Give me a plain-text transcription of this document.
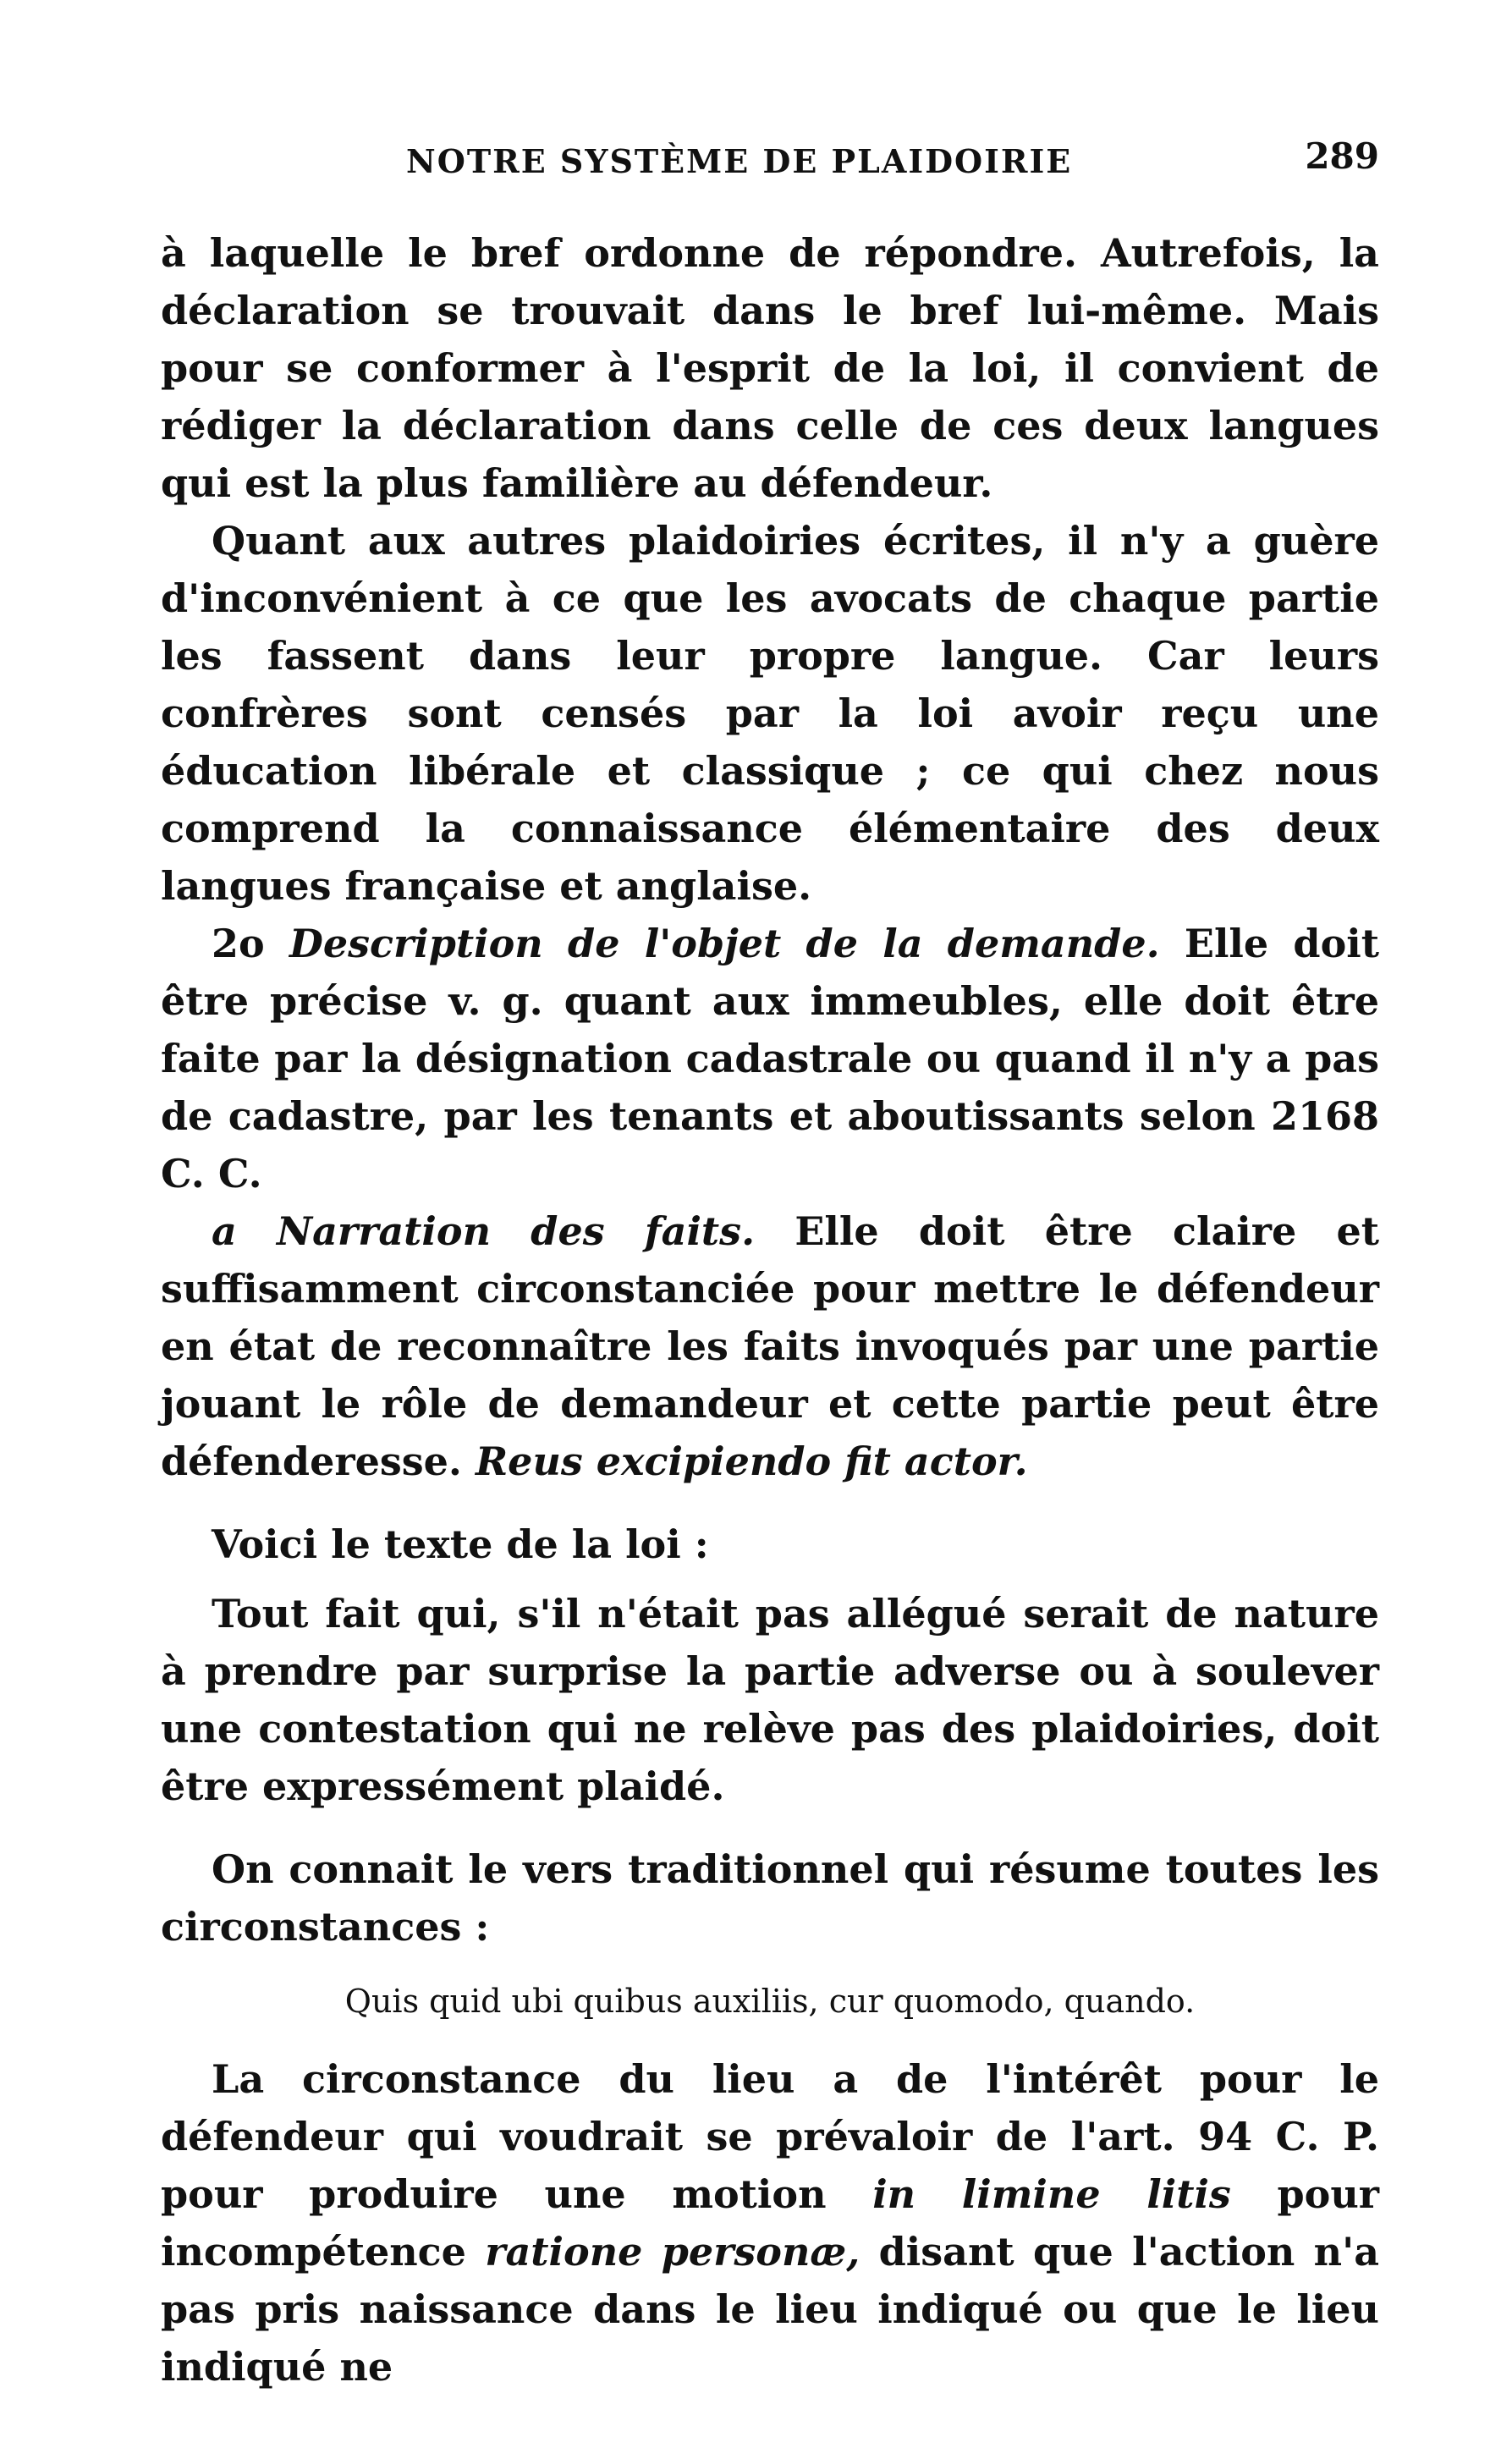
NOTRE SYSTÈME DE PLAIDOIRIE	289

à laquelle le bref ordonne de répondre. Autrefois, la déclaration se trouvait dans le bref lui-même. Mais pour se conformer à l'esprit de la loi, il convient de rédiger la déclaration dans celle de ces deux langues qui est la plus familière au défendeur.

Quant aux autres plaidoiries écrites, il n'y a guère d'inconvénient à ce que les avocats de chaque partie les fassent dans leur propre langue. Car leurs confrères sont censés par la loi avoir reçu une éducation libérale et classique ; ce qui chez nous comprend la connaissance élémentaire des deux langues française et anglaise.

2o Description de l'objet de la demande. Elle doit être précise v. g. quant aux immeubles, elle doit être faite par la désignation cadastrale ou quand il n'y a pas de cadastre, par les tenants et aboutissants selon 2168 C. C.

a Narration des faits. Elle doit être claire et suffisamment circonstanciée pour mettre le défendeur en état de reconnaître les faits invoqués par une partie jouant le rôle de demandeur et cette partie peut être défenderesse. Reus excipiendo fit actor.

Voici le texte de la loi :

Tout fait qui, s'il n'était pas allégué serait de nature à prendre par surprise la partie adverse ou à soulever une contestation qui ne relève pas des plaidoiries, doit être expressément plaidé.

On connait le vers traditionnel qui résume toutes les circonstances :

Quis quid ubi quibus auxiliis, cur quomodo, quando.

La circonstance du lieu a de l'intérêt pour le défendeur qui voudrait se prévaloir de l'art. 94 C. P. pour produire une motion in limine litis pour incompétence ratione personæ, disant que l'action n'a pas pris naissance dans le lieu indiqué ou que le lieu indiqué ne
